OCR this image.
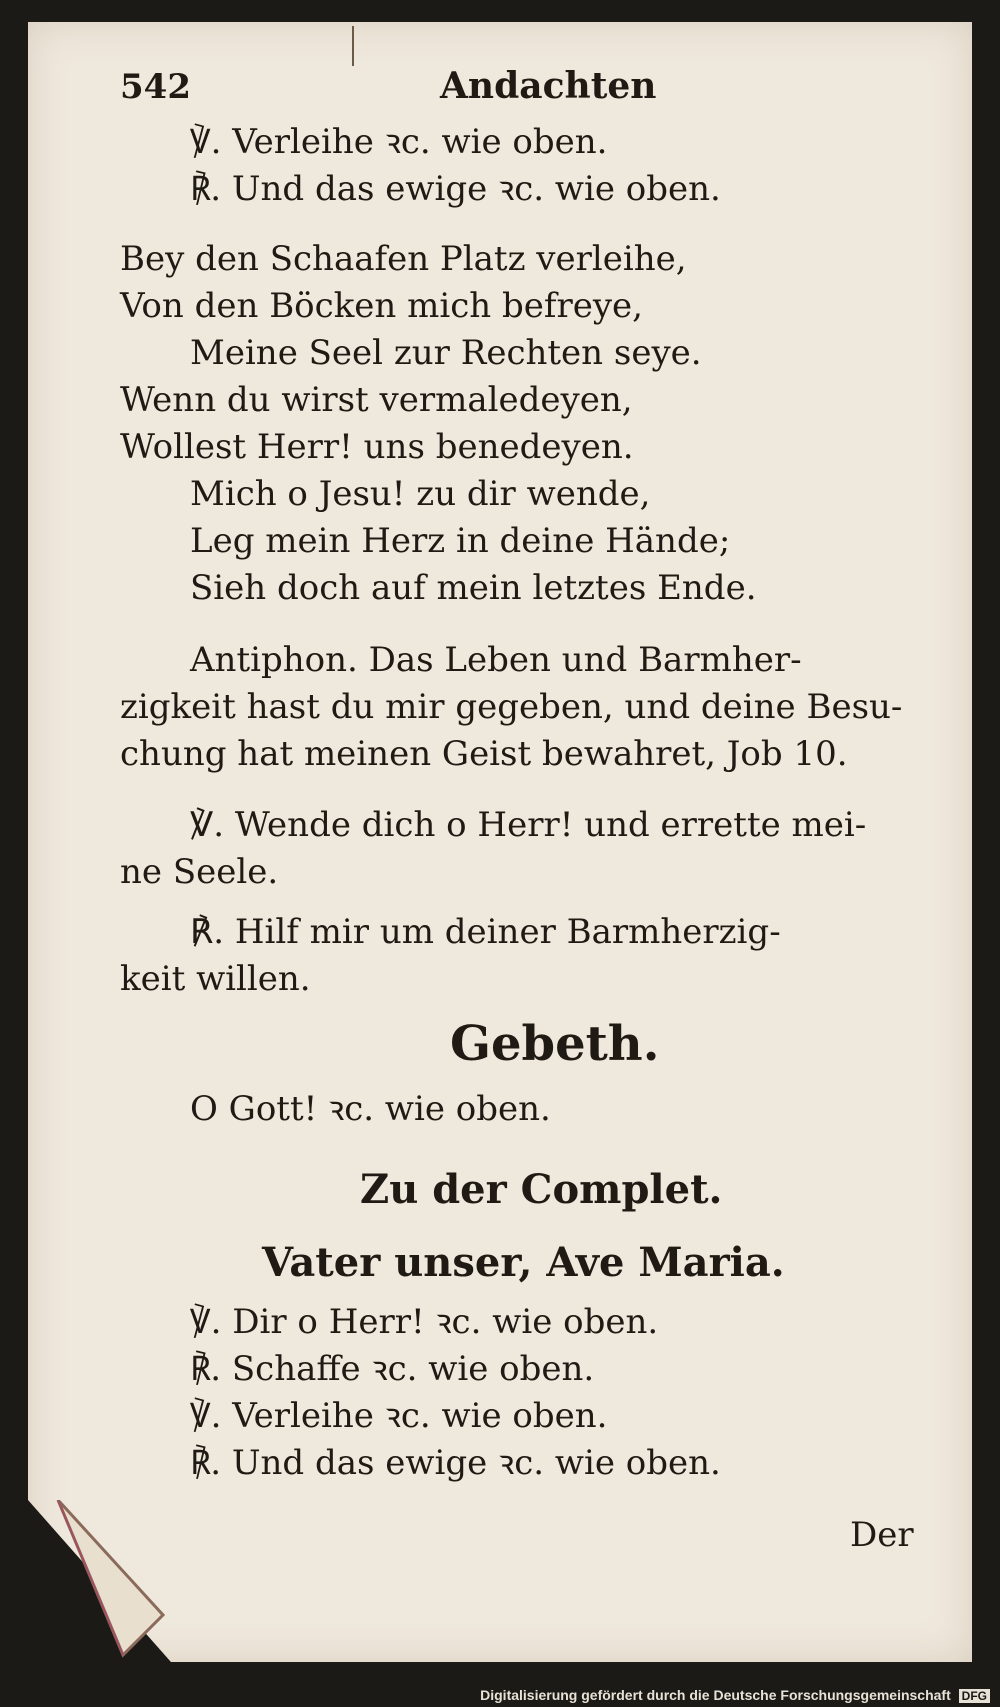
542	Andachten
℣. Verleihe ꝛc. wie oben.
℟. Und das ewige ꝛc. wie oben.
Bey den Schaafen Platz verleihe,
Von den Böcken mich befreye,
Meine Seel zur Rechten seye.
Wenn du wirst vermaledeyen,
Wollest Herr! uns benedeyen.
Mich o Jesu! zu dir wende,
Leg mein Herz in deine Hände;
Sieh doch auf mein letztes Ende.
Antiphon. Das Leben und Barmher-
zigkeit hast du mir gegeben, und deine Besu-
chung hat meinen Geist bewahret, Job 10.
℣. Wende dich o Herr! und errette mei-
ne Seele.
℟. Hilf mir um deiner Barmherzig-
keit willen.
Gebeth.
O Gott! ꝛc. wie oben.
Zu der Complet.
Vater unser, Ave Maria.
℣. Dir o Herr! ꝛc. wie oben.
℟. Schaffe ꝛc. wie oben.
℣. Verleihe ꝛc. wie oben.
℟. Und das ewige ꝛc. wie oben.
Der
Digitalisierung gefördert durch die Deutsche Forschungsgemeinschaft DFG
